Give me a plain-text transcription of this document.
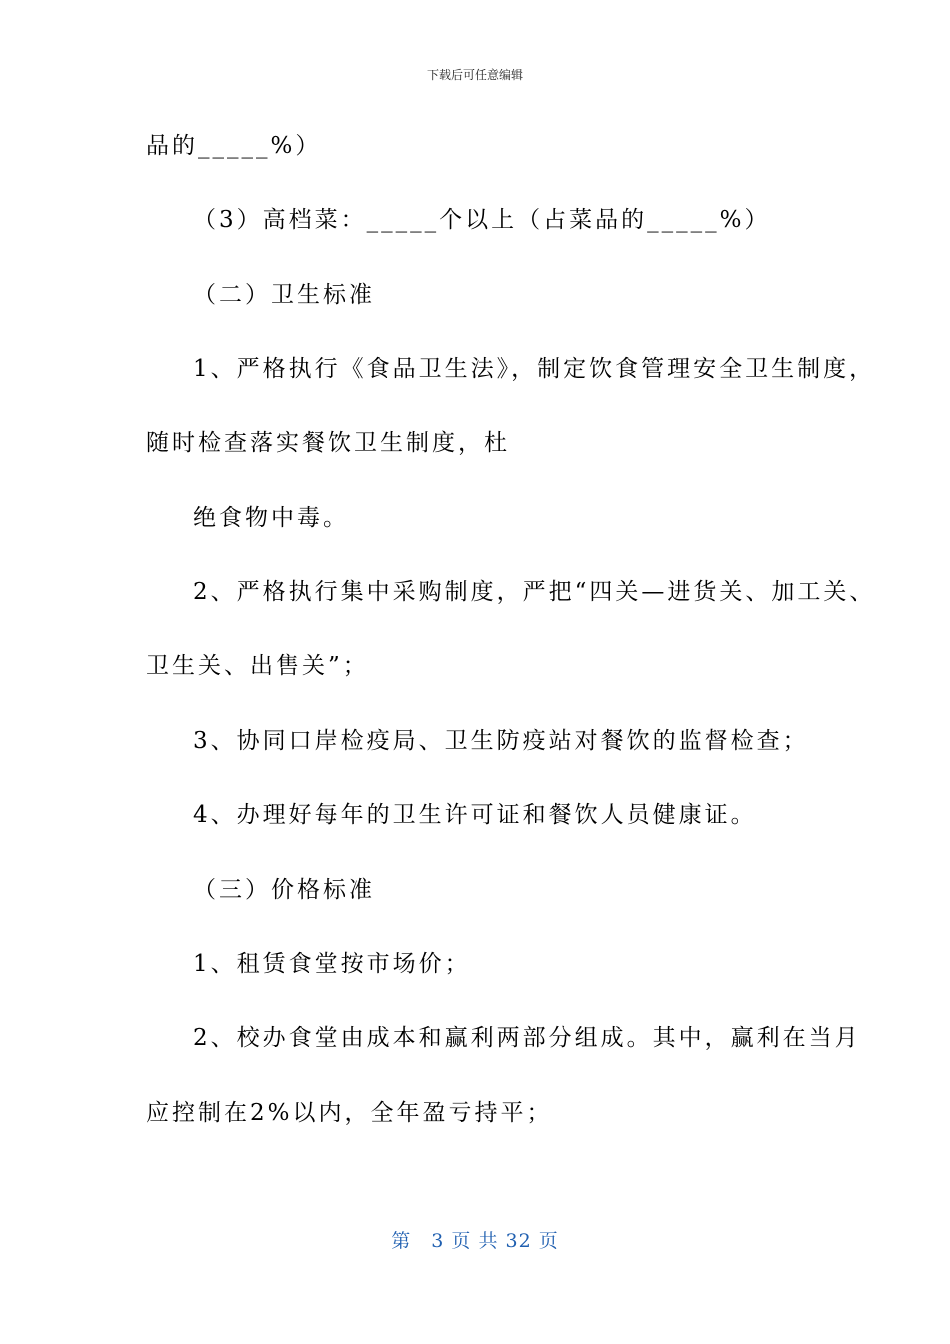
下载后可任意编辑
品的_____%）
（3）高档菜：_____个以上（占菜品的_____%）
（二）卫生标准
1、严格执行《食品卫生法》，制定饮食管理安全卫生制度，
随时检查落实餐饮卫生制度，杜
绝食物中毒。
2、严格执行集中采购制度，严把“四关—进货关、加工关、
卫生关、出售关”；
3、协同口岸检疫局、卫生防疫站对餐饮的监督检查；
4、办理好每年的卫生许可证和餐饮人员健康证。
（三）价格标准
1、租赁食堂按市场价；
2、校办食堂由成本和赢利两部分组成。其中，赢利在当月
应控制在2%以内，全年盈亏持平；
第　3 页 共 32 页
